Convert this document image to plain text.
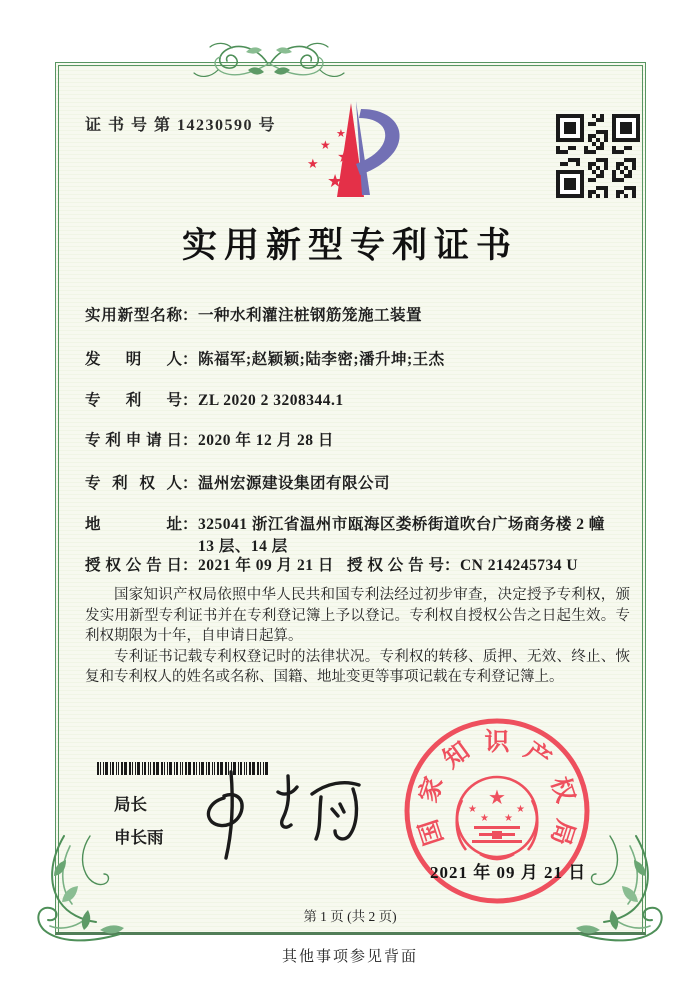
证 书 号 第 14230590 号
★
★
★
★
★
实用新型专利证书
实用新型名称：一种水利灌注桩钢筋笼施工装置
发明人：陈福军;赵颖颖;陆李密;潘升坤;王杰
专利号：ZL 2020 2 3208344.1
专利申请日：2020 年 12 月 28 日
专利权人：温州宏源建设集团有限公司
地址：325041 浙江省温州市瓯海区娄桥街道吹台广场商务楼 2 幢
13 层、14 层
授权公告日：2021 年 09 月 21 日 授权公告号：CN 214245734 U

国家知识产权局依照中华人民共和国专利法经过初步审查，决定授予专利权，颁发实用新型专利证书并在专利登记簿上予以登记。专利权自授权公告之日起生效。专利权期限为十年，自申请日起算。

专利证书记载专利权登记时的法律状况。专利权的转移、质押、无效、终止、恢复和专利权人的姓名或名称、国籍、地址变更等事项记载在专利登记簿上。

局长
申长雨	国
家
知 识 产
权
局
★
★
★ ★
★
2021 年 09 月 21 日
第 1 页 (共 2 页)
其他事项参见背面
